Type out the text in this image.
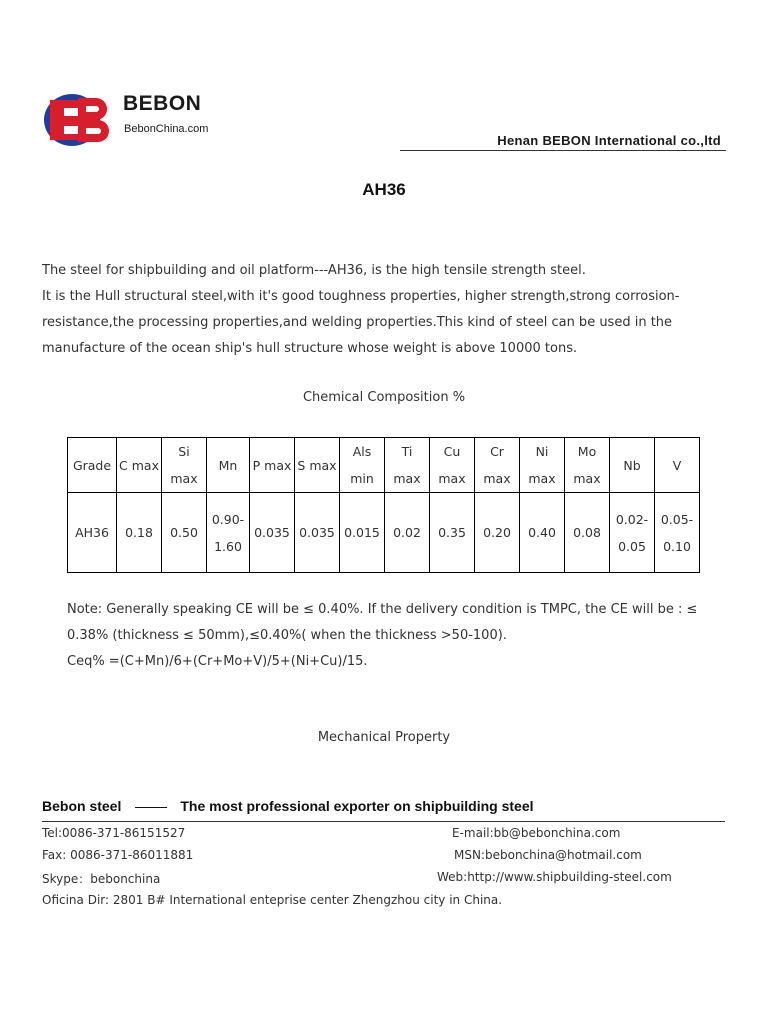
BEBON
BebonChina.com
Henan BEBON International co.,ltd
AH36
The steel for shipbuilding and oil platform---AH36, is the high tensile strength steel.
It is the Hull structural steel,with it's good toughness properties, higher strength,strong corrosion-resistance,the processing properties,and welding properties.This kind of steel can be used in the manufacture of the ocean ship's hull structure whose weight is above 10000 tons.
Chemical Composition %
Grade	C max	Si max	Mn	P max	S max	Als min	Ti max	Cu max	Cr max	Ni max	Mo max	Nb	V
AH36	0.18	0.50	0.90-1.60	0.035	0.035	0.015	0.02	0.35	0.20	0.40	0.08	0.02-0.05	0.05-0.10
Note: Generally speaking CE will be ≤ 0.40%. If the delivery condition is TMPC, the CE will be : ≤ 0.38% (thickness ≤ 50mm),≤0.40%( when the thickness >50-100).
Ceq% =(C+Mn)/6+(Cr+Mo+V)/5+(Ni+Cu)/15.
Mechanical Property
Bebon steel	The most professional exporter on shipbuilding steel
Tel:0086-371-86151527	E-mail:bb@bebonchina.com
Fax: 0086-371-86011881	MSN:bebonchina@hotmail.com
Skype：bebonchina	Web:http://www.shipbuilding-steel.com
Oficina Dir: 2801 B# International enteprise center Zhengzhou city in China.
